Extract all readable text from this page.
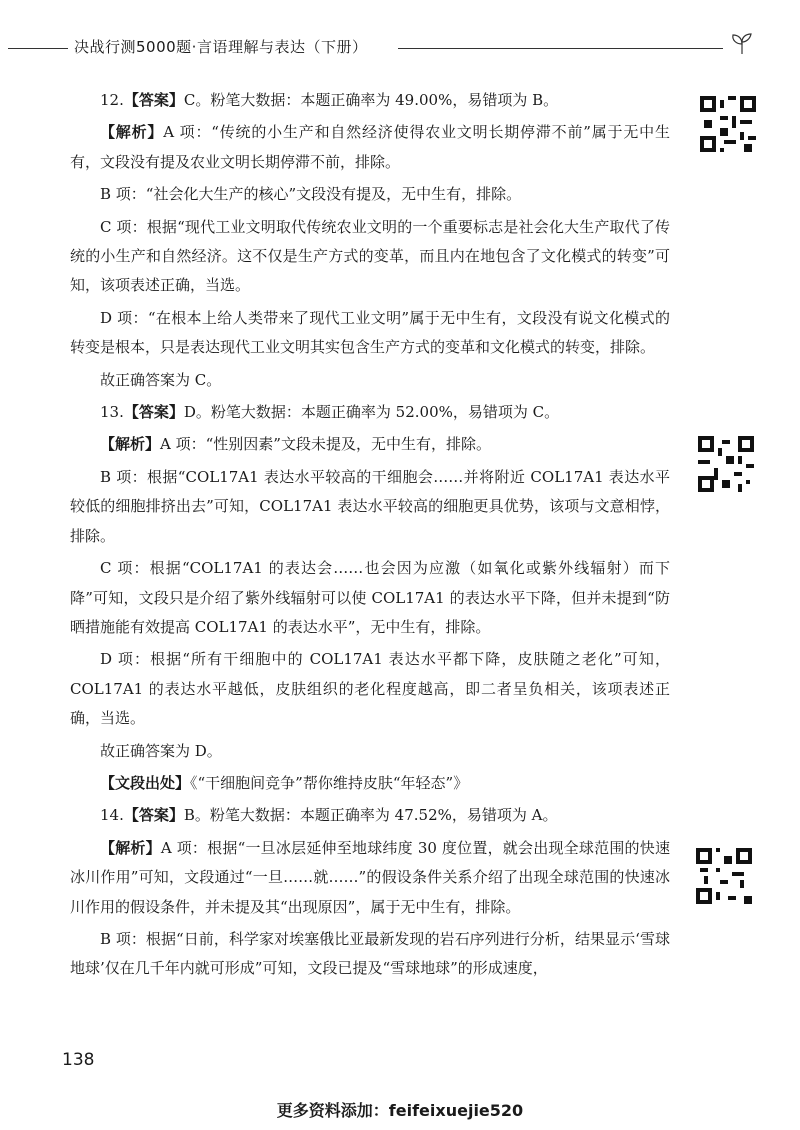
决战行测5000题·言语理解与表达（下册）

12.【答案】C。粉笔大数据：本题正确率为 49.00%，易错项为 B。

【解析】A 项：“传统的小生产和自然经济使得农业文明长期停滞不前”属于无中生有，文段没有提及农业文明长期停滞不前，排除。

B 项：“社会化大生产的核心”文段没有提及，无中生有，排除。

C 项：根据“现代工业文明取代传统农业文明的一个重要标志是社会化大生产取代了传统的小生产和自然经济。这不仅是生产方式的变革，而且内在地包含了文化模式的转变”可知，该项表述正确，当选。

D 项：“在根本上给人类带来了现代工业文明”属于无中生有，文段没有说文化模式的转变是根本，只是表达现代工业文明其实包含生产方式的变革和文化模式的转变，排除。

故正确答案为 C。

13.【答案】D。粉笔大数据：本题正确率为 52.00%，易错项为 C。

【解析】A 项：“性别因素”文段未提及，无中生有，排除。

B 项：根据“COL17A1 表达水平较高的干细胞会……并将附近 COL17A1 表达水平较低的细胞排挤出去”可知，COL17A1 表达水平较高的细胞更具优势，该项与文意相悖，排除。

C 项：根据“COL17A1 的表达会……也会因为应激（如氧化或紫外线辐射）而下降”可知，文段只是介绍了紫外线辐射可以使 COL17A1 的表达水平下降，但并未提到“防晒措施能有效提高 COL17A1 的表达水平”，无中生有，排除。

D 项：根据“所有干细胞中的 COL17A1 表达水平都下降，皮肤随之老化”可知，COL17A1 的表达水平越低，皮肤组织的老化程度越高，即二者呈负相关，该项表述正确，当选。

故正确答案为 D。

【文段出处】《“干细胞间竞争”帮你维持皮肤“年轻态”》

14.【答案】B。粉笔大数据：本题正确率为 47.52%，易错项为 A。

【解析】A 项：根据“一旦冰层延伸至地球纬度 30 度位置，就会出现全球范围的快速冰川作用”可知，文段通过“一旦……就……”的假设条件关系介绍了出现全球范围的快速冰川作用的假设条件，并未提及其“出现原因”，属于无中生有，排除。

B 项：根据“日前，科学家对埃塞俄比亚最新发现的岩石序列进行分析，结果显示‘雪球地球’仅在几千年内就可形成”可知，文段已提及“雪球地球”的形成速度，

138
更多资料添加：feifeixuejie520
